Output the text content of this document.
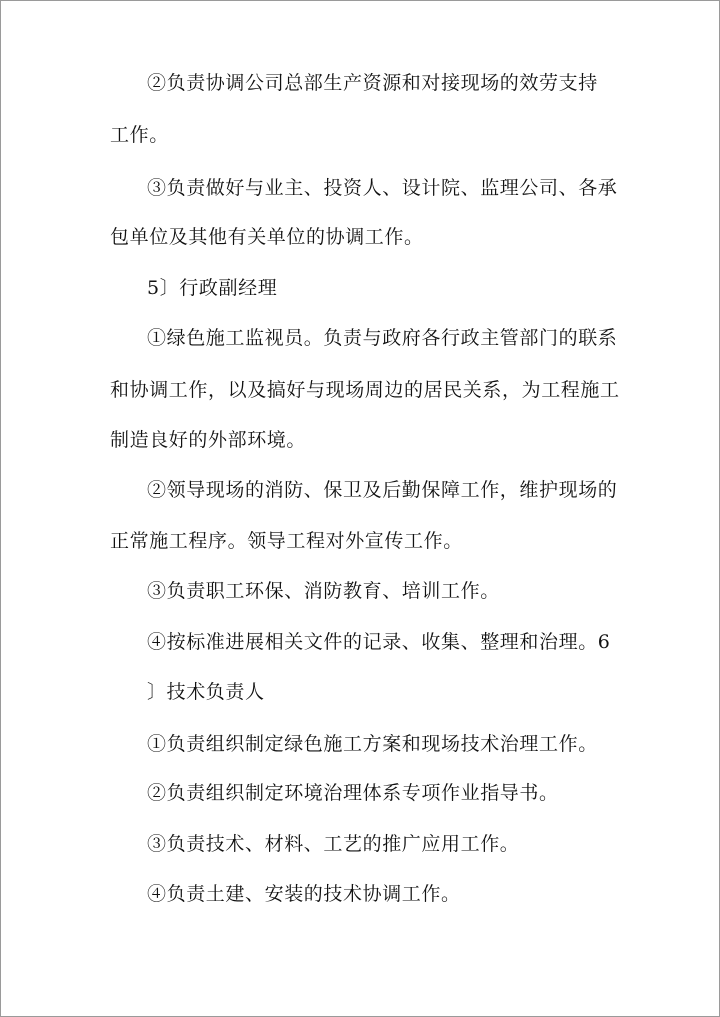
②负责协调公司总部生产资源和对接现场的效劳支持
工作。
③负责做好与业主、投资人、设计院、监理公司、各承
包单位及其他有关单位的协调工作。
5〕行政副经理
①绿色施工监视员。负责与政府各行政主管部门的联系
和协调工作，以及搞好与现场周边的居民关系，为工程施工
制造良好的外部环境。
②领导现场的消防、保卫及后勤保障工作，维护现场的
正常施工程序。领导工程对外宣传工作。
③负责职工环保、消防教育、培训工作。
④按标准进展相关文件的记录、收集、整理和治理。6
〕技术负责人
①负责组织制定绿色施工方案和现场技术治理工作。
②负责组织制定环境治理体系专项作业指导书。
③负责技术、材料、工艺的推广应用工作。
④负责土建、安装的技术协调工作。
